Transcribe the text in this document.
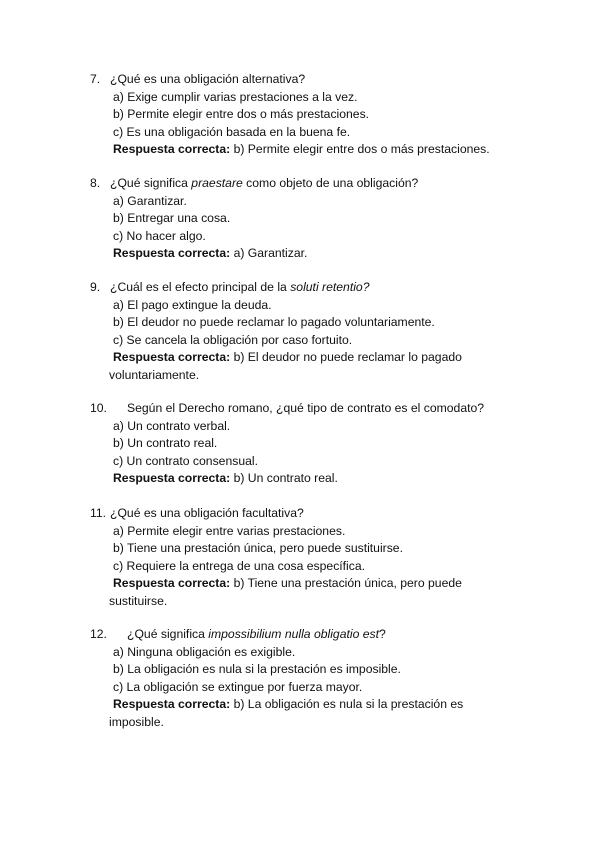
7. ¿Qué es una obligación alternativa?
a) Exige cumplir varias prestaciones a la vez.
b) Permite elegir entre dos o más prestaciones.
c) Es una obligación basada en la buena fe.
Respuesta correcta: b) Permite elegir entre dos o más prestaciones.
8. ¿Qué significa praestare como objeto de una obligación?
a) Garantizar.
b) Entregar una cosa.
c) No hacer algo.
Respuesta correcta: a) Garantizar.
9. ¿Cuál es el efecto principal de la soluti retentio?
a) El pago extingue la deuda.
b) El deudor no puede reclamar lo pagado voluntariamente.
c) Se cancela la obligación por caso fortuito.
Respuesta correcta: b) El deudor no puede reclamar lo pagado
voluntariamente.
10. Según el Derecho romano, ¿qué tipo de contrato es el comodato?
a) Un contrato verbal.
b) Un contrato real.
c) Un contrato consensual.
Respuesta correcta: b) Un contrato real.
11. ¿Qué es una obligación facultativa?
a) Permite elegir entre varias prestaciones.
b) Tiene una prestación única, pero puede sustituirse.
c) Requiere la entrega de una cosa específica.
Respuesta correcta: b) Tiene una prestación única, pero puede
sustituirse.
12. ¿Qué significa impossibilium nulla obligatio est?
a) Ninguna obligación es exigible.
b) La obligación es nula si la prestación es imposible.
c) La obligación se extingue por fuerza mayor.
Respuesta correcta: b) La obligación es nula si la prestación es
imposible.
